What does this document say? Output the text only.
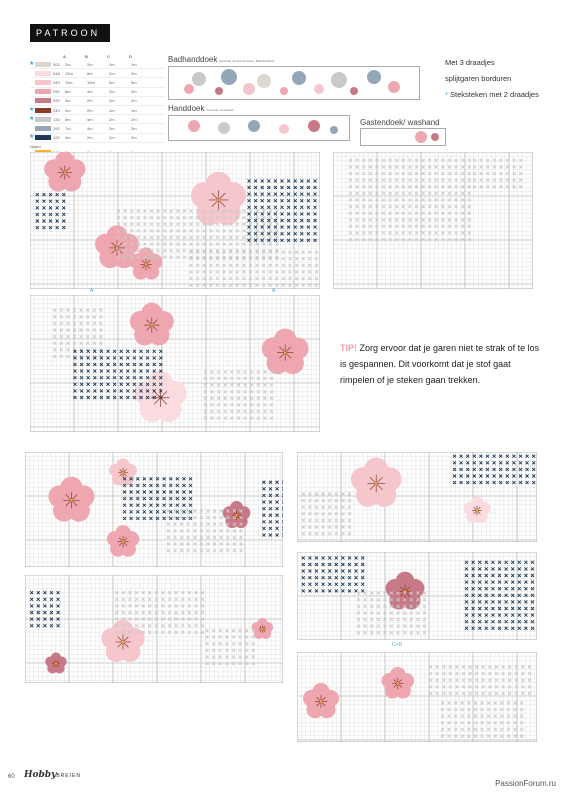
PATROON
A	B	C	D
★	002	2m	2m	1m	1m
048	13m	8m	2m	2m
049	11m	15m	6m	5m
050	8m	4m	2m	2m
090	3m	2m	2m	2m
★	249	2m	2m	1m	1m
★	134	5m	4m	2m	2m
292	7m	4m	2m	2m
★	120	4m	2m	2m	2m
Naam
Badhanddoek Serviette de douche blanc, Badhanddoek
Handdoek Serviette, Handdoek
Gastendoek/ washand
Met 3 draadjes
splijtgaren borduren
* Steksteken met 2 draadjes
A	A
TIP! Zorg ervoor dat je garen niet te strak of te los is gespannen. Dit voorkomt dat je stof gaat rimpelen of je steken gaan trekken.
C+D
60 HobbyBREIEN
PassionForum.ru
